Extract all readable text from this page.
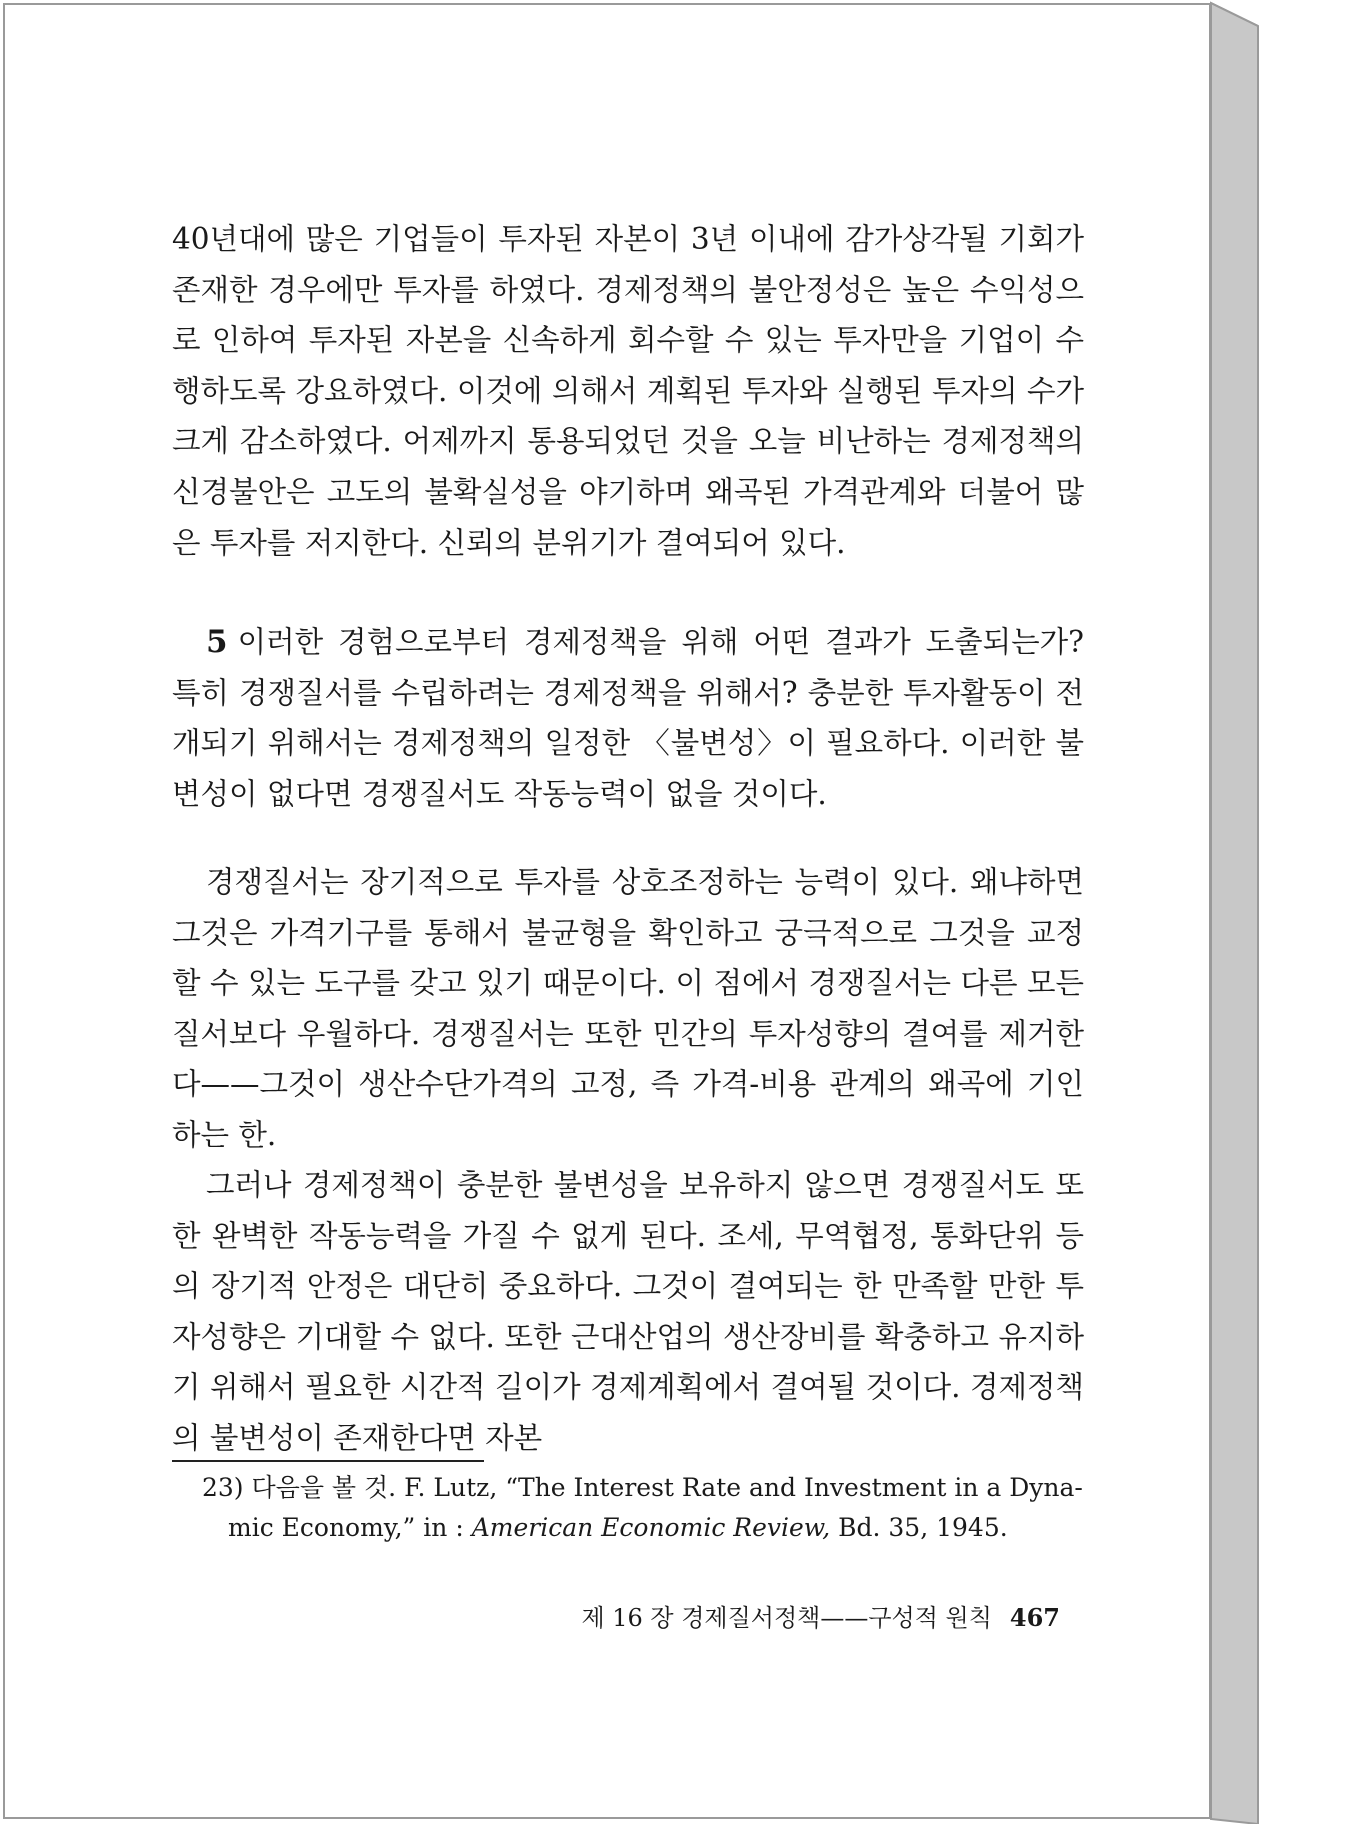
40년대에 많은 기업들이 투자된 자본이 3년 이내에 감가상각될 기회가 존재한 경우에만 투자를 하였다. 경제정책의 불안정성은 높은 수익성으로 인하여 투자된 자본을 신속하게 회수할 수 있는 투자만을 기업이 수행하도록 강요하였다. 이것에 의해서 계획된 투자와 실행된 투자의 수가 크게 감소하였다. 어제까지 통용되었던 것을 오늘 비난하는 경제정책의 신경불안은 고도의 불확실성을 야기하며 왜곡된 가격관계와 더불어 많은 투자를 저지한다. 신뢰의 분위기가 결여되어 있다.

5 이러한 경험으로부터 경제정책을 위해 어떤 결과가 도출되는가? 특히 경쟁질서를 수립하려는 경제정책을 위해서? 충분한 투자활동이 전개되기 위해서는 경제정책의 일정한 〈불변성〉이 필요하다. 이러한 불변성이 없다면 경쟁질서도 작동능력이 없을 것이다.

경쟁질서는 장기적으로 투자를 상호조정하는 능력이 있다. 왜냐하면 그것은 가격기구를 통해서 불균형을 확인하고 궁극적으로 그것을 교정할 수 있는 도구를 갖고 있기 때문이다. 이 점에서 경쟁질서는 다른 모든 질서보다 우월하다. 경쟁질서는 또한 민간의 투자성향의 결여를 제거한다——그것이 생산수단가격의 고정, 즉 가격-비용 관계의 왜곡에 기인하는 한.

그러나 경제정책이 충분한 불변성을 보유하지 않으면 경쟁질서도 또한 완벽한 작동능력을 가질 수 없게 된다. 조세, 무역협정, 통화단위 등의 장기적 안정은 대단히 중요하다. 그것이 결여되는 한 만족할 만한 투자성향은 기대할 수 없다. 또한 근대산업의 생산장비를 확충하고 유지하기 위해서 필요한 시간적 길이가 경제계획에서 결여될 것이다. 경제정책의 불변성이 존재한다면 자본

23) 다음을 볼 것. F. Lutz, “The Interest Rate and Investment in a Dyna-
mic Economy,” in : American Economic Review, Bd. 35, 1945.

제 16 장 경제질서정책——구성적 원칙 467
